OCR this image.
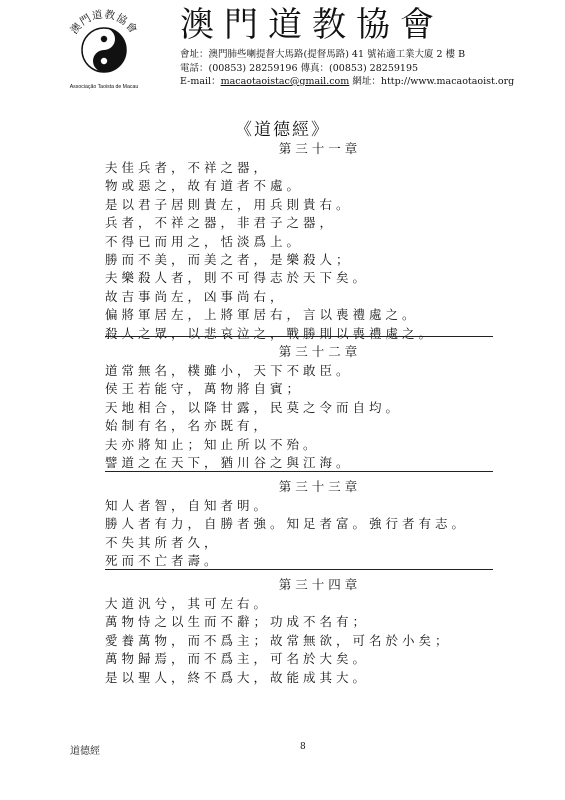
澳門道教協會
Associação Taoista de Macau
澳門道教協會
會址：澳門肺些喇提督大馬路(提督馬路) 41 號祐適工業大廈 2 樓 B
電話：(00853) 28259196 傳真：(00853) 28259195
E-mail：macaotaoistac@gmail.com 網址：http://www.macaotaoist.org
《道德經》
第三十一章
夫佳兵者，不祥之器，
物或惡之，故有道者不處。
是以君子居則貴左，用兵則貴右。
兵者，不祥之器，非君子之器，
不得已而用之，恬淡爲上。
勝而不美，而美之者，是樂殺人；
夫樂殺人者，則不可得志於天下矣。
故吉事尚左，凶事尚右，
偏將軍居左，上將軍居右，言以喪禮處之。
殺人之眾，以悲哀泣之，戰勝則以喪禮處之。
第三十二章
道常無名，樸雖小，天下不敢臣。
侯王若能守，萬物將自賓；
天地相合，以降甘露，民莫之令而自均。
始制有名，名亦既有，
夫亦將知止；知止所以不殆。
譬道之在天下，猶川谷之與江海。
第三十三章
知人者智，自知者明。
勝人者有力，自勝者強。知足者富。強行者有志。
不失其所者久，
死而不亡者壽。
第三十四章
大道汎兮，其可左右。
萬物恃之以生而不辭；功成不名有；
愛養萬物，而不爲主；故常無欲，可名於小矣；
萬物歸焉，而不爲主，可名於大矣。
是以聖人，終不爲大，故能成其大。
道德經	8
